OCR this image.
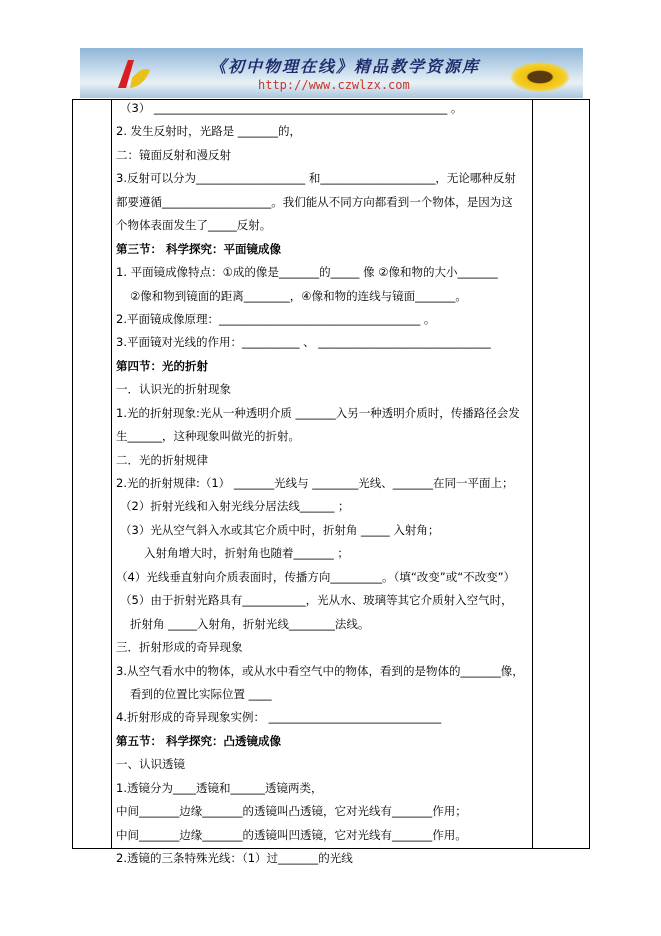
《初中物理在线》精品教学资源库
http://www.czwlzx.com
（3） ___________________________________________________ 。
2. 发生反射时，光路是 _______的，
二：镜面反射和漫反射
3.反射可以分为___________________ 和____________________，无论哪种反射
都要遵循___________________。我们能从不同方向都看到一个物体，是因为这
个物体表面发生了_____反射。
第三节： 科学探究：平面镜成像
1. 平面镜成像特点：①成的像是_______的_____ 像 ②像和物的大小_______
②像和物到镜面的距离________，④像和物的连线与镜面_______。
2.平面镜成像原理：___________________________________ 。
3.平面镜对光线的作用：__________ 、 ______________________________
第四节：光的折射
一．认识光的折射现象
1.光的折射现象:光从一种透明介质 _______入另一种透明介质时，传播路径会发
生______，这种现象叫做光的折射。
二．光的折射规律
2.光的折射规律:（1） _______光线与 ________光线、_______在同一平面上；
（2）折射光线和入射光线分居法线______ ；
（3）光从空气斜入水或其它介质中时，折射角 _____ 入射角；
入射角增大时，折射角也随着_______ ；
（4）光线垂直射向介质表面时，传播方向_________。（填“改变”或“不改变”）
（5）由于折射光路具有___________，光从水、玻璃等其它介质射入空气时，
折射角 _____入射角，折射光线________法线。
三．折射形成的奇异现象
3.从空气看水中的物体，或从水中看空气中的物体，看到的是物体的_______像，
看到的位置比实际位置 ____
4.折射形成的奇异现象实例： ______________________________
第五节： 科学探究：凸透镜成像
一、认识透镜
1.透镜分为____透镜和______透镜两类，
中间_______边缘_______的透镜叫凸透镜，它对光线有_______作用；
中间_______边缘_______的透镜叫凹透镜，它对光线有_______作用。
2.透镜的三条特殊光线：（1）过_______的光线
